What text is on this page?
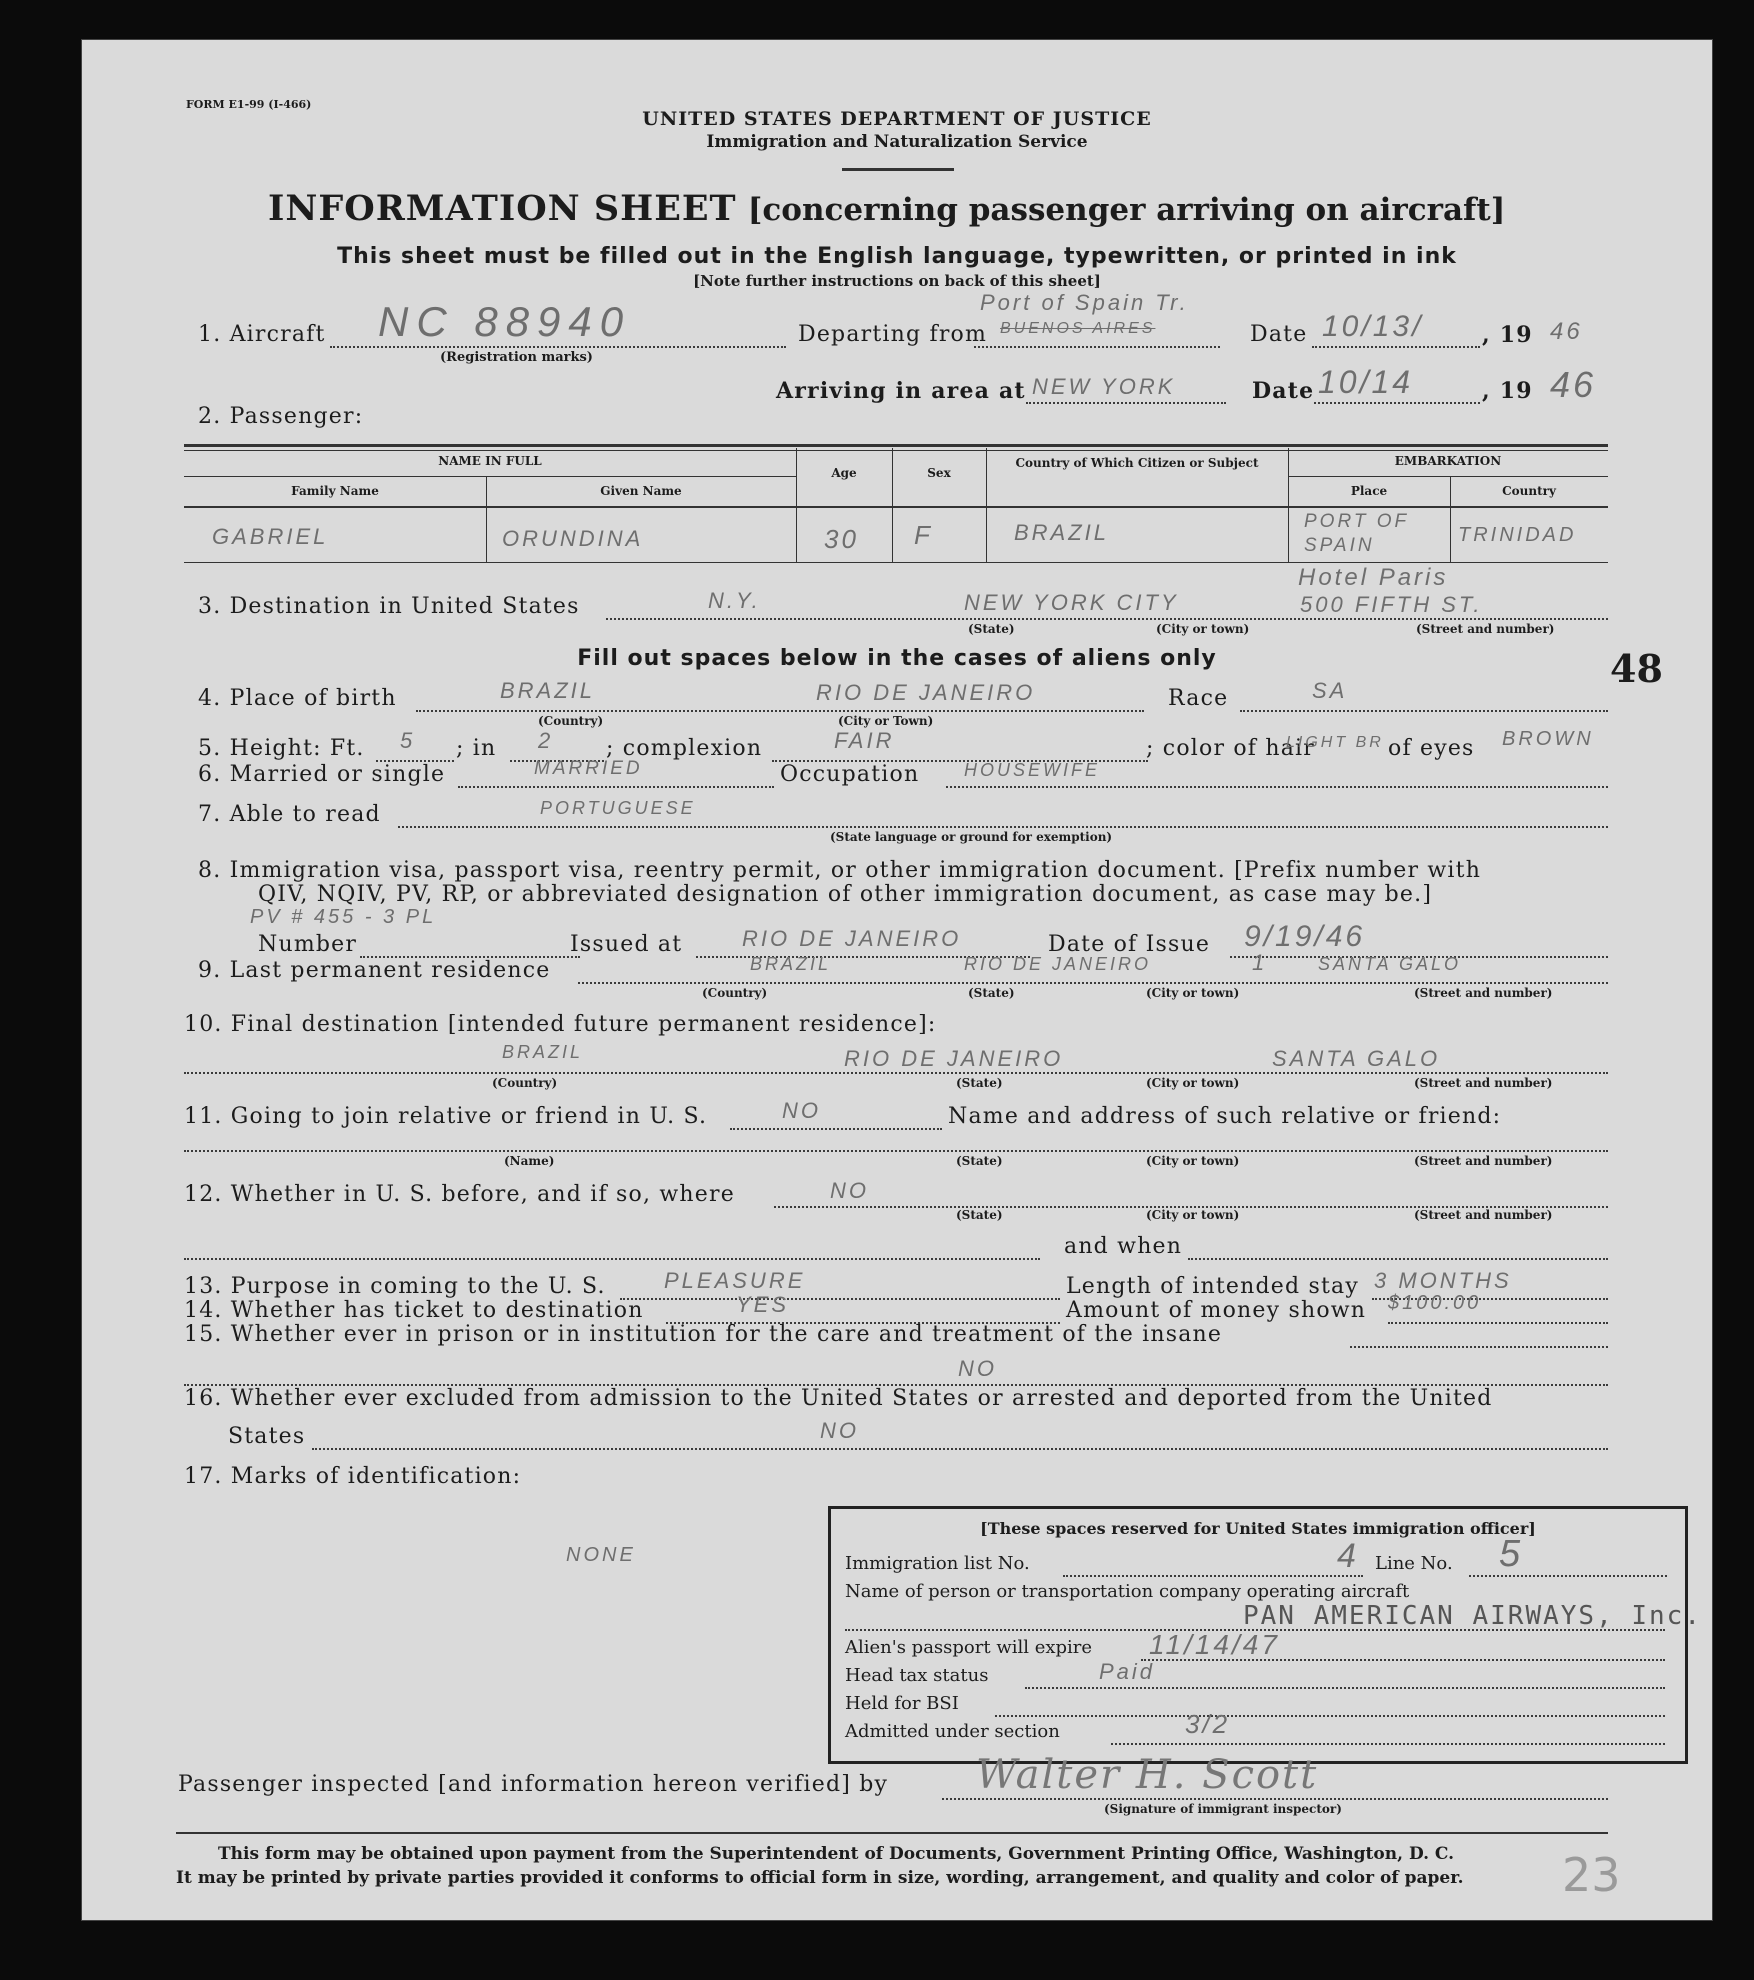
FORM E1-99 (I-466)
UNITED STATES DEPARTMENT OF JUSTICE
Immigration and Naturalization Service
INFORMATION SHEET [concerning passenger arriving on aircraft]
This sheet must be filled out in the English language, typewritten, or printed in ink
[Note further instructions on back of this sheet]
1. Aircraft NC 88940
(Registration marks)
Departing from
Port of Spain Tr.
BUENOS AIRES	Date 10/13/	, 19 46
Arriving in area at NEW YORK	Date 10/14	, 19 46
2. Passenger:
NAME IN FULL
Family Name	Given Name
Age	Sex
Country of Which Citizen or Subject	EMBARKATION
Place	Country
GABRIEL	ORUNDINA	30 F	BRAZIL	PORT OF SPAIN	TRINIDAD
3. Destination in United States	N.Y.	NEW YORK CITY
Hotel Paris
500 FIFTH ST.
(State)	(City or town)	(Street and number)
Fill out spaces below in the cases of aliens only	48
4. Place of birth	BRAZIL	RIO DE JANEIRO
(Country)	(City or Town)
Race	SA
5. Height: Ft. 5 ; in 2 ; complexion	FAIR	; color of hair
LIGHT BR of eyes BROWN
6. Married or single	MARRIED	Occupation HOUSEWIFE
7. Able to read	PORTUGUESE
(State language or ground for exemption)
8. Immigration visa, passport visa, reentry permit, or other immigration document. [Prefix number with
QIV, NQIV, PV, RP, or abbreviated designation of other immigration document, as case may be.]
PV # 455 - 3 PL
Number	Issued at	RIO DE JANEIRO	Date of Issue 9/19/46
9. Last permanent residence	BRAZIL	RIO DE JANEIRO	1	SANTA GALO
(Country)	(State)	(City or town)	(Street and number)
10. Final destination [intended future permanent residence]:
BRAZIL	RIO DE JANEIRO	SANTA GALO
(Country)	(State)	(City or town)	(Street and number)
11. Going to join relative or friend in U. S.	NO	Name and address of such relative or friend:
(Name)	(State)	(City or town)	(Street and number)
12. Whether in U. S. before, and if so, where	NO
(State)	(City or town)	(Street and number)
and when
13. Purpose in coming to the U. S.	PLEASURE	Length of intended stay 3 MONTHS
14. Whether has ticket to destination	YES	Amount of money shown $100.00
15. Whether ever in prison or in institution for the care and treatment of the insane
NO
16. Whether ever excluded from admission to the United States or arrested and deported from the United
States	NO
17. Marks of identification:
NONE
[These spaces reserved for United States immigration officer]
Immigration list No.	4 Line No. 5
Name of person or transportation company operating aircraft
PAN AMERICAN AIRWAYS, Inc.
Alien's passport will expire 11/14/47
Head tax status	Paid
Held for BSI
Admitted under section	3/2
Passenger inspected [and information hereon verified] by Walter H. Scott
(Signature of immigrant inspector)
This form may be obtained upon payment from the Superintendent of Documents, Government Printing Office, Washington, D. C.
It may be printed by private parties provided it conforms to official form in size, wording, arrangement, and quality and color of paper. 23
